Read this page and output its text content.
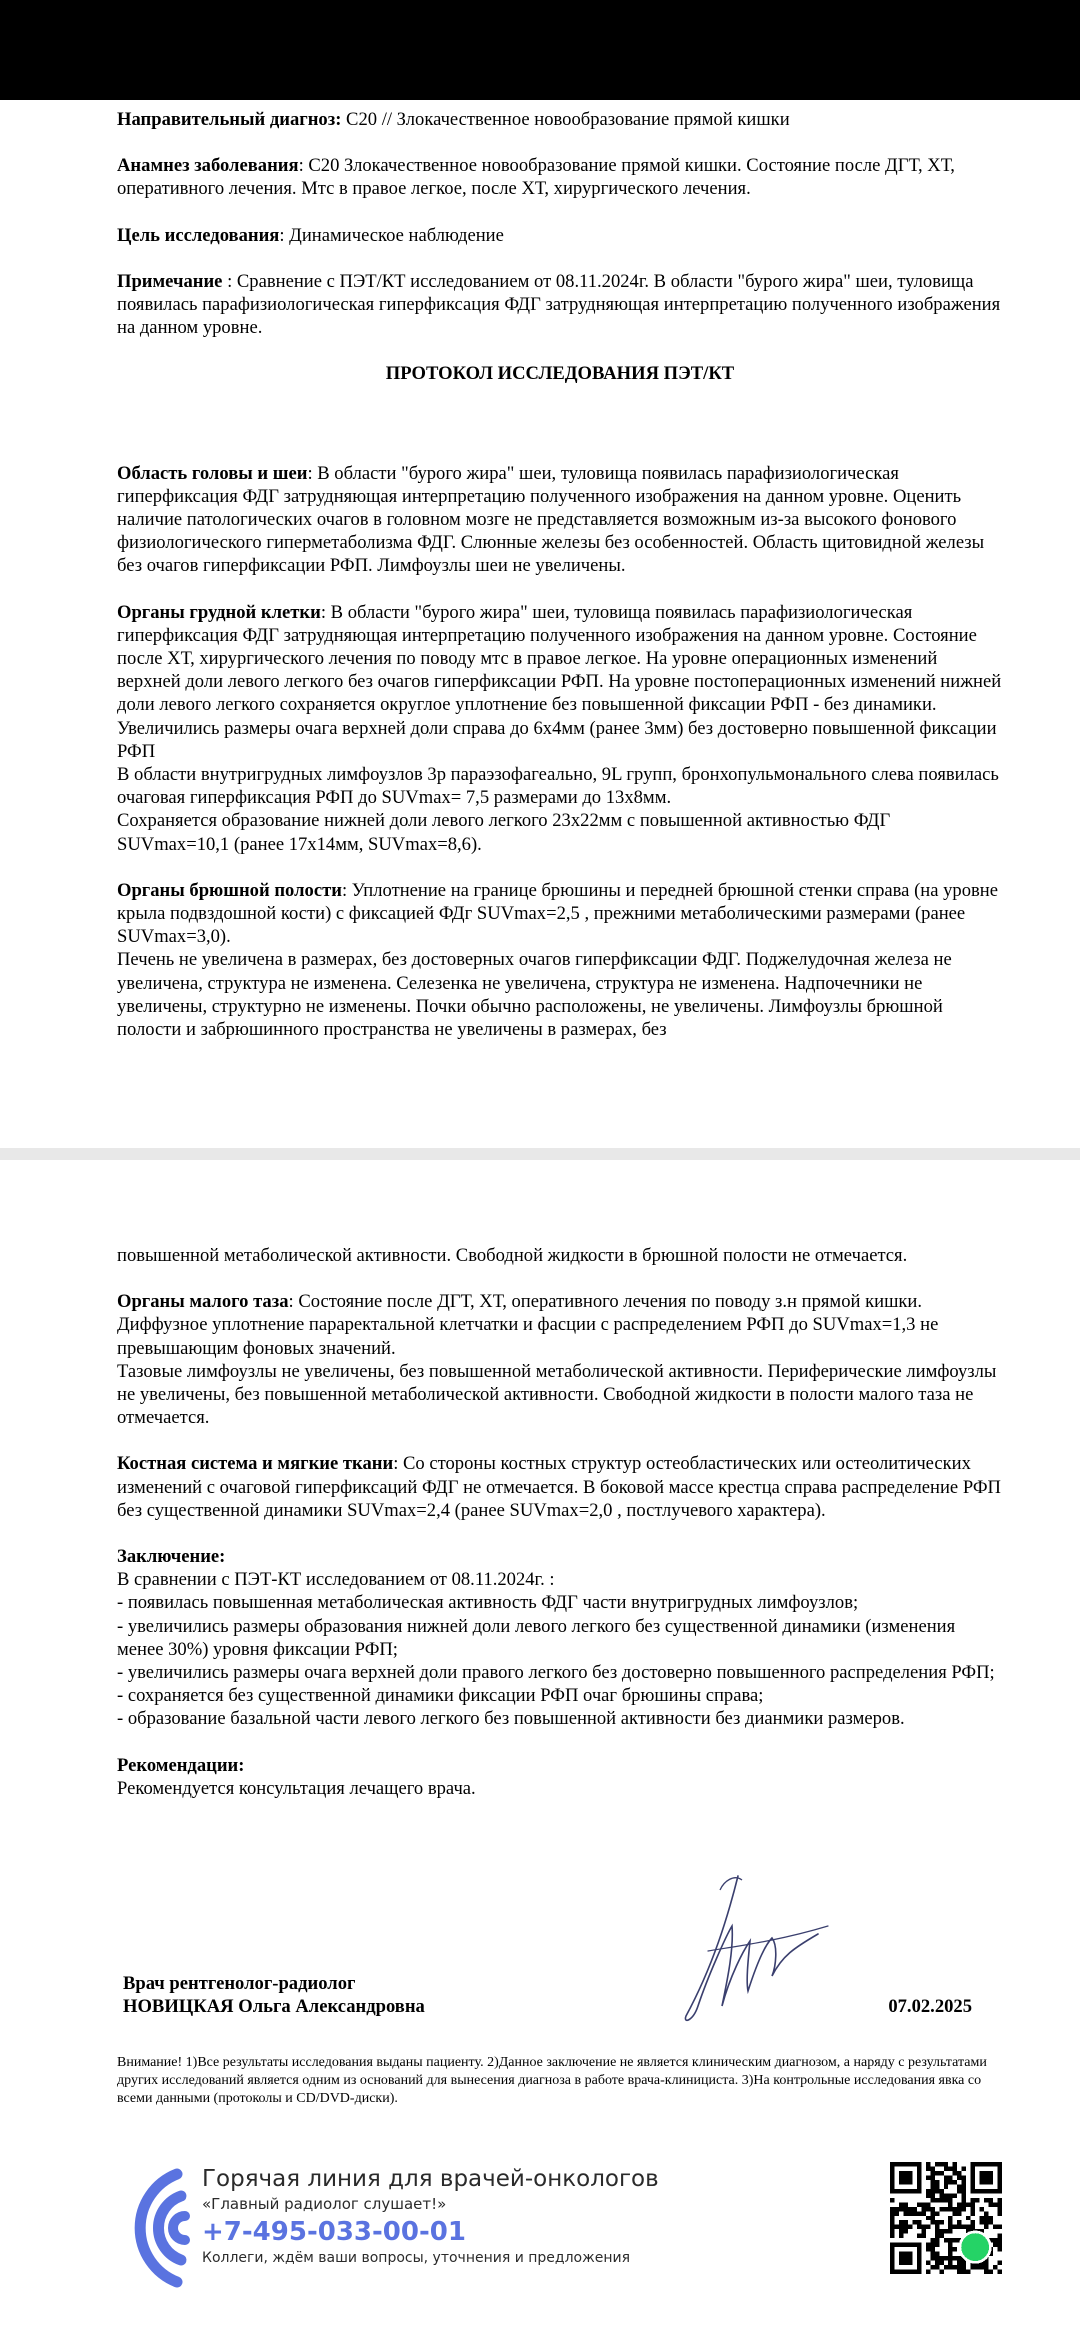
Направительный диагноз: C20 // Злокачественное новообразование прямой кишки

Анамнез заболевания: C20 Злокачественное новообразование прямой кишки. Состояние после ДГТ, ХТ, оперативного лечения. Мтс в правое легкое, после ХТ, хирургического лечения.

Цель исследования: Динамическое наблюдение

Примечание : Сравнение с ПЭТ/КТ исследованием от 08.11.2024г. В области "бурого жира" шеи, туловища появилась парафизиологическая гиперфиксация ФДГ затрудняющая интерпретацию полученного изображения на данном уровне.

ПРОТОКОЛ ИССЛЕДОВАНИЯ ПЭТ/КТ

Область головы и шеи: В области "бурого жира" шеи, туловища появилась парафизиологическая гиперфиксация ФДГ затрудняющая интерпретацию полученного изображения на данном уровне. Оценить наличие патологических очагов в головном мозге не представляется возможным из-за высокого фонового физиологического гиперметаболизма ФДГ. Слюнные железы без особенностей. Область щитовидной железы без очагов гиперфиксации РФП. Лимфоузлы шеи не увеличены.

Органы грудной клетки: В области "бурого жира" шеи, туловища появилась парафизиологическая гиперфиксация ФДГ затрудняющая интерпретацию полученного изображения на данном уровне. Состояние после ХТ, хирургического лечения по поводу мтс в правое легкое. На уровне операционных изменений верхней доли левого легкого без очагов гиперфиксации РФП. На уровне постоперационных изменений нижней доли левого легкого сохраняется округлое уплотнение без повышенной фиксации РФП - без динамики.

Увеличились размеры очага верхней доли справа до 6х4мм (ранее 3мм) без достоверно повышенной фиксации РФП

В области внутригрудных лимфоузлов 3р параэзофагеально, 9L групп, бронхопульмонального слева появилась очаговая гиперфиксация РФП до SUVmax= 7,5 размерами до 13х8мм.

Сохраняется образование нижней доли левого легкого 23х22мм с повышенной активностью ФДГ SUVmax=10,1 (ранее 17х14мм, SUVmax=8,6).

Органы брюшной полости: Уплотнение на границе брюшины и передней брюшной стенки справа (на уровне крыла подвздошной кости) с фиксацией ФДг SUVmax=2,5 , прежними метаболическими размерами (ранее SUVmax=3,0).

Печень не увеличена в размерах, без достоверных очагов гиперфиксации ФДГ. Поджелудочная железа не увеличена, структура не изменена. Селезенка не увеличена, структура не изменена. Надпочечники не увеличены, структурно не изменены. Почки обычно расположены, не увеличены. Лимфоузлы брюшной полости и забрюшинного пространства не увеличены в размерах, без

повышенной метаболической активности. Свободной жидкости в брюшной полости не отмечается.

Органы малого таза: Состояние после ДГТ, ХТ, оперативного лечения по поводу з.н прямой кишки. Диффузное уплотнение параректальной клетчатки и фасции с распределением РФП до SUVmax=1,3 не превышающим фоновых значений.

Тазовые лимфоузлы не увеличены, без повышенной метаболической активности. Периферические лимфоузлы не увеличены, без повышенной метаболической активности. Свободной жидкости в полости малого таза не отмечается.

Костная система и мягкие ткани: Со стороны костных структур остеобластических или остеолитических изменений с очаговой гиперфиксаций ФДГ не отмечается. В боковой массе крестца справа распределение РФП без существенной динамики SUVmax=2,4 (ранее SUVmax=2,0 , постлучевого характера).

Заключение:

В сравнении с ПЭТ-КТ исследованием от 08.11.2024г. :

- появилась повышенная метаболическая активность ФДГ части внутригрудных лимфоузлов;

- увеличились размеры образования нижней доли левого легкого без существенной динамики (изменения менее 30%) уровня фиксации РФП;

- увеличились размеры очага верхней доли правого легкого без достоверно повышенного распределения РФП;

- сохраняется без существенной динамики фиксации РФП очаг брюшины справа;

- образование базальной части левого легкого без повышенной активности без дианмики размеров.

Рекомендации:

Рекомендуется консультация лечащего врача.

Врач рентгенолог-радиолог
НОВИЦКАЯ Ольга Александровна	07.02.2025
Внимание! 1)Все результаты исследования выданы пациенту. 2)Данное заключение не является клиническим диагнозом, а наряду с результатами других исследований является одним из оснований для вынесения диагноза в работе врача-клинициста. 3)На контрольные исследования явка со всеми данными (протоколы и CD/DVD-диски).
Горячая линия для врачей-онкологов
«Главный радиолог слушает!»
+7-495-033-00-01
Коллеги, ждём ваши вопросы, уточнения и предложения
